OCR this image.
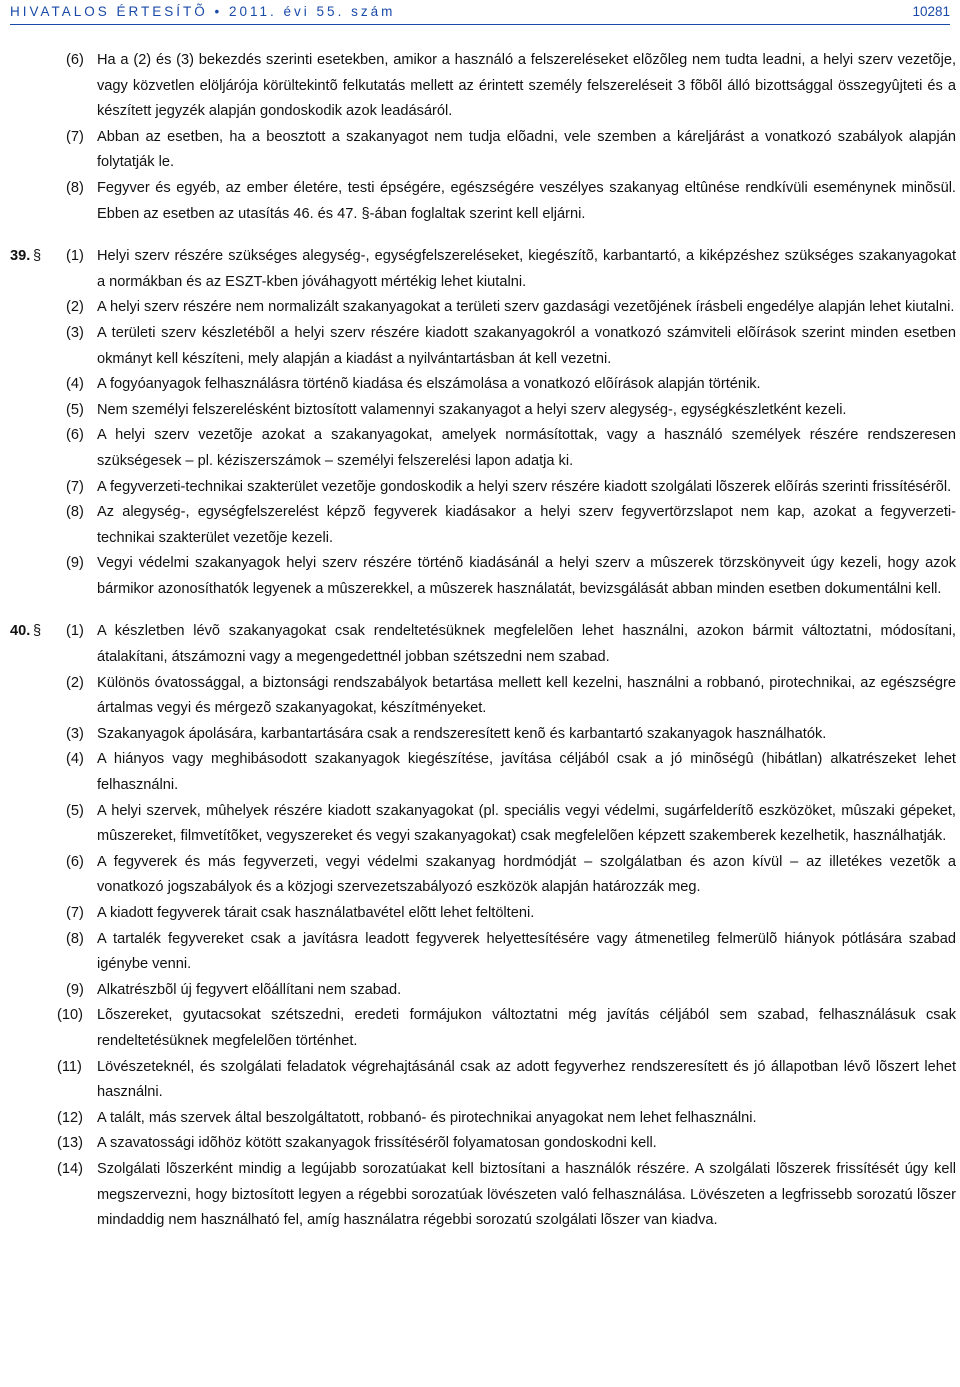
HIVATALOS ÉRTESÍTÕ • 2011. évi 55. szám	10281
(6) Ha a (2) és (3) bekezdés szerinti esetekben, amikor a használó a felszereléseket elõzõleg nem tudta leadni, a helyi szerv vezetõje, vagy közvetlen elöljárója körültekintõ felkutatás mellett az érintett személy felszereléseit 3 fõbõl álló bizottsággal összegyûjteti és a készített jegyzék alapján gondoskodik azok leadásáról.
(7) Abban az esetben, ha a beosztott a szakanyagot nem tudja elõadni, vele szemben a káreljárást a vonatkozó szabályok alapján folytatják le.
(8) Fegyver és egyéb, az ember életére, testi épségére, egészségére veszélyes szakanyag eltûnése rendkívüli eseménynek minõsül. Ebben az esetben az utasítás 46. és 47. §-ában foglaltak szerint kell eljárni.
39. § (1) Helyi szerv részére szükséges alegység-, egységfelszereléseket, kiegészítõ, karbantartó, a kiképzéshez szükséges szakanyagokat a normákban és az ESZT-kben jóváhagyott mértékig lehet kiutalni.
(2) A helyi szerv részére nem normalizált szakanyagokat a területi szerv gazdasági vezetõjének írásbeli engedélye alapján lehet kiutalni.
(3) A területi szerv készletébõl a helyi szerv részére kiadott szakanyagokról a vonatkozó számviteli elõírások szerint minden esetben okmányt kell készíteni, mely alapján a kiadást a nyilvántartásban át kell vezetni.
(4) A fogyóanyagok felhasználásra történõ kiadása és elszámolása a vonatkozó elõírások alapján történik.
(5) Nem személyi felszerelésként biztosított valamennyi szakanyagot a helyi szerv alegység-, egységkészletként kezeli.
(6) A helyi szerv vezetõje azokat a szakanyagokat, amelyek normásítottak, vagy a használó személyek részére rendszeresen szükségesek – pl. kéziszerszámok – személyi felszerelési lapon adatja ki.
(7) A fegyverzeti-technikai szakterület vezetõje gondoskodik a helyi szerv részére kiadott szolgálati lõszerek elõírás szerinti frissítésérõl.
(8) Az alegység-, egységfelszerelést képzõ fegyverek kiadásakor a helyi szerv fegyvertörzslapot nem kap, azokat a fegyverzeti-technikai szakterület vezetõje kezeli.
(9) Vegyi védelmi szakanyagok helyi szerv részére történõ kiadásánál a helyi szerv a mûszerek törzskönyveit úgy kezeli, hogy azok bármikor azonosíthatók legyenek a mûszerekkel, a mûszerek használatát, bevizsgálását abban minden esetben dokumentálni kell.
40. § (1) A készletben lévõ szakanyagokat csak rendeltetésüknek megfelelõen lehet használni, azokon bármit változtatni, módosítani, átalakítani, átszámozni vagy a megengedettnél jobban szétszedni nem szabad.
(2) Különös óvatossággal, a biztonsági rendszabályok betartása mellett kell kezelni, használni a robbanó, pirotechnikai, az egészségre ártalmas vegyi és mérgezõ szakanyagokat, készítményeket.
(3) Szakanyagok ápolására, karbantartására csak a rendszeresített kenõ és karbantartó szakanyagok használhatók.
(4) A hiányos vagy meghibásodott szakanyagok kiegészítése, javítása céljából csak a jó minõségû (hibátlan) alkatrészeket lehet felhasználni.
(5) A helyi szervek, mûhelyek részére kiadott szakanyagokat (pl. speciális vegyi védelmi, sugárfelderítõ eszközöket, mûszaki gépeket, mûszereket, filmvetítõket, vegyszereket és vegyi szakanyagokat) csak megfelelõen képzett szakemberek kezelhetik, használhatják.
(6) A fegyverek és más fegyverzeti, vegyi védelmi szakanyag hordmódját – szolgálatban és azon kívül – az illetékes vezetõk a vonatkozó jogszabályok és a közjogi szervezetszabályozó eszközök alapján határozzák meg.
(7) A kiadott fegyverek tárait csak használatbavétel elõtt lehet feltölteni.
(8) A tartalék fegyvereket csak a javításra leadott fegyverek helyettesítésére vagy átmenetileg felmerülõ hiányok pótlására szabad igénybe venni.
(9) Alkatrészbõl új fegyvert elõállítani nem szabad.
(10) Lõszereket, gyutacsokat szétszedni, eredeti formájukon változtatni még javítás céljából sem szabad, felhasználásuk csak rendeltetésüknek megfelelõen történhet.
(11) Lövészeteknél, és szolgálati feladatok végrehajtásánál csak az adott fegyverhez rendszeresített és jó állapotban lévõ lõszert lehet használni.
(12) A talált, más szervek által beszolgáltatott, robbanó- és pirotechnikai anyagokat nem lehet felhasználni.
(13) A szavatossági idõhöz kötött szakanyagok frissítésérõl folyamatosan gondoskodni kell.
(14) Szolgálati lõszerként mindig a legújabb sorozatúakat kell biztosítani a használók részére. A szolgálati lõszerek frissítését úgy kell megszervezni, hogy biztosított legyen a régebbi sorozatúak lövészeten való felhasználása. Lövészeten a legfrissebb sorozatú lõszer mindaddig nem használható fel, amíg használatra régebbi sorozatú szolgálati lõszer van kiadva.
